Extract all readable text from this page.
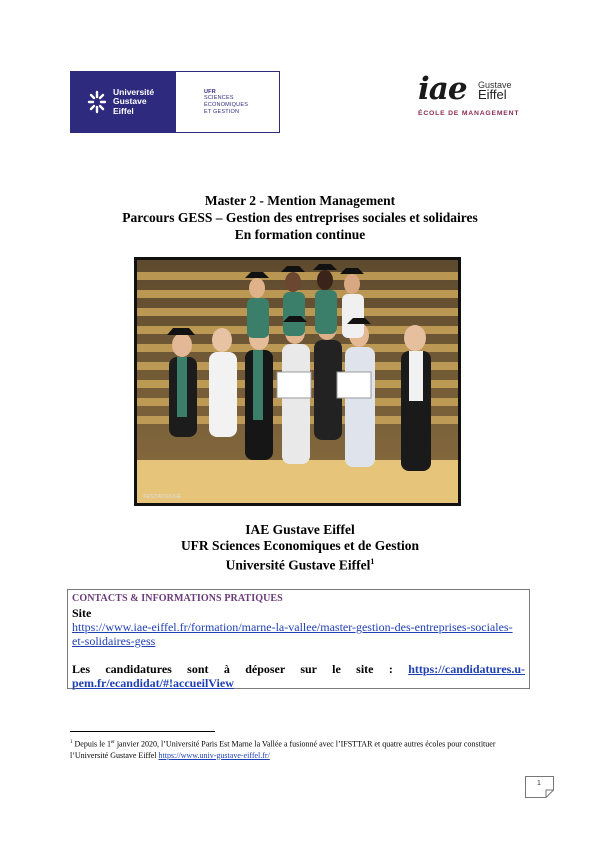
Université
Gustave
Eiffel
UFR
SCIENCES
ÉCONOMIQUES
ET GESTION
iae Gustave
Eiffel
ÉCOLE DE MANAGEMENT
Master 2 - Mention Management
Parcours GESS – Gestion des entreprises sociales et solidaires
En formation continue
©ESZIAFIE/UGE
IAE Gustave Eiffel
UFR Sciences Economiques et de Gestion
Université Gustave Eiffel$^1$
CONTACTS & INFORMATIONS PRATIQUES
Site
https://www.iae-eiffel.fr/formation/marne-la-vallee/master-gestion-des-entreprises-sociales-et-solidaires-gess
Les candidatures sont à déposer sur le site : https://candidatures.u-pem.fr/ecandidat/#!accueilView
$^1$ Depuis le 1er janvier 2020, l’Université Paris Est Marne la Vallée a fusionné avec l’IFSTTAR et quatre autres écoles pour constituer l’Université Gustave Eiffel https://www.univ-gustave-eiffel.fr/
1
